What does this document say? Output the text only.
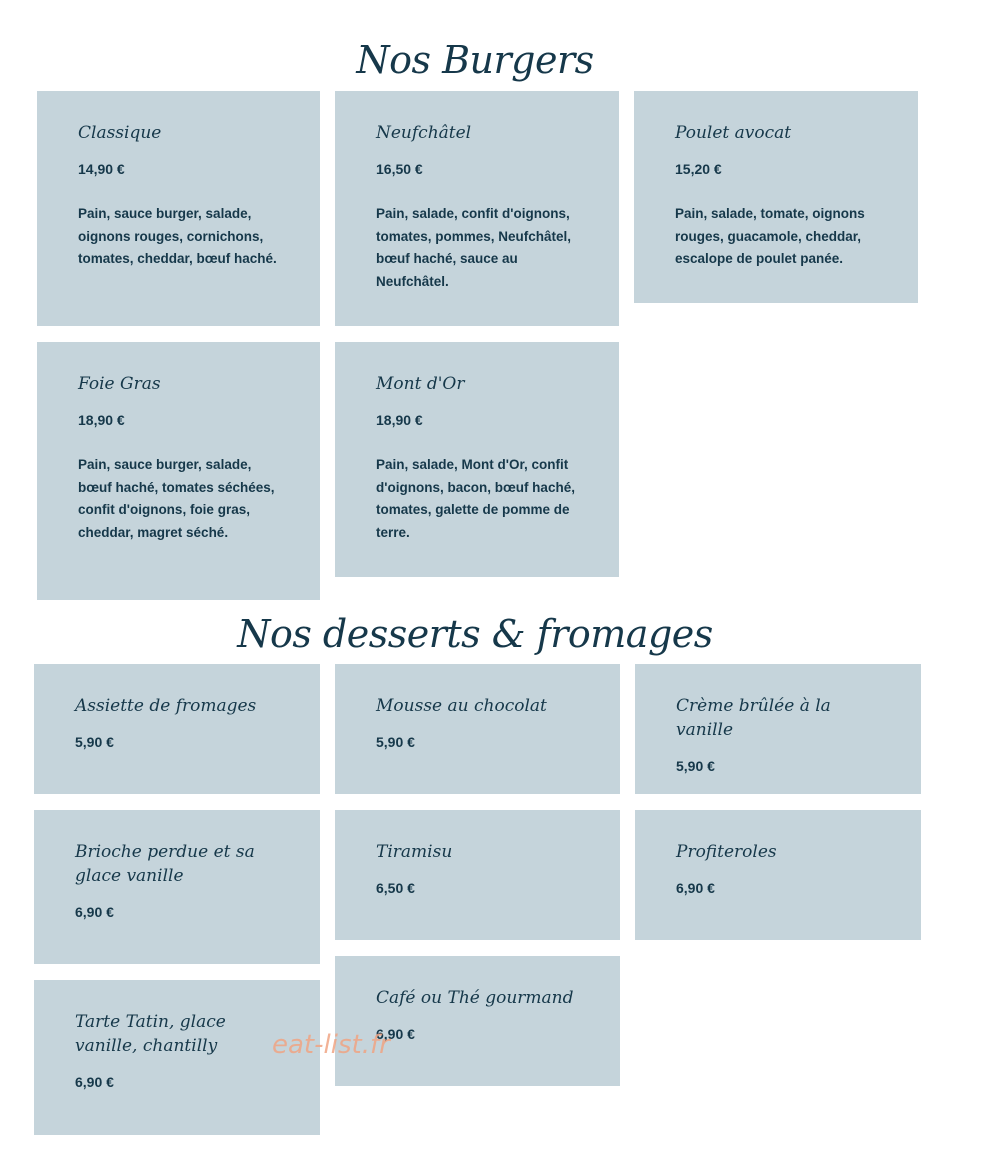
Nos Burgers
Classique
14,90 €
Pain, sauce burger, salade, oignons rouges, cornichons, tomates, cheddar, bœuf haché.
Neufchâtel
16,50 €
Pain, salade, confit d'oignons, tomates, pommes, Neufchâtel, bœuf haché, sauce au Neufchâtel.
Poulet avocat
15,20 €
Pain, salade, tomate, oignons rouges, guacamole, cheddar, escalope de poulet panée.
Foie Gras
18,90 €
Pain, sauce burger, salade, bœuf haché, tomates séchées, confit d'oignons, foie gras, cheddar, magret séché.
Mont d'Or
18,90 €
Pain, salade, Mont d'Or, confit d'oignons, bacon, bœuf haché, tomates, galette de pomme de terre.
Nos desserts & fromages
Assiette de fromages
5,90 €
Mousse au chocolat
5,90 €
Crème brûlée à la vanille
5,90 €
Brioche perdue et sa glace vanille
6,90 €
Tiramisu
6,50 €
Profiteroles
6,90 €
Tarte Tatin, glace vanille, chantilly
6,90 €
Café ou Thé gourmand
6,90 €
eat-list.fr
